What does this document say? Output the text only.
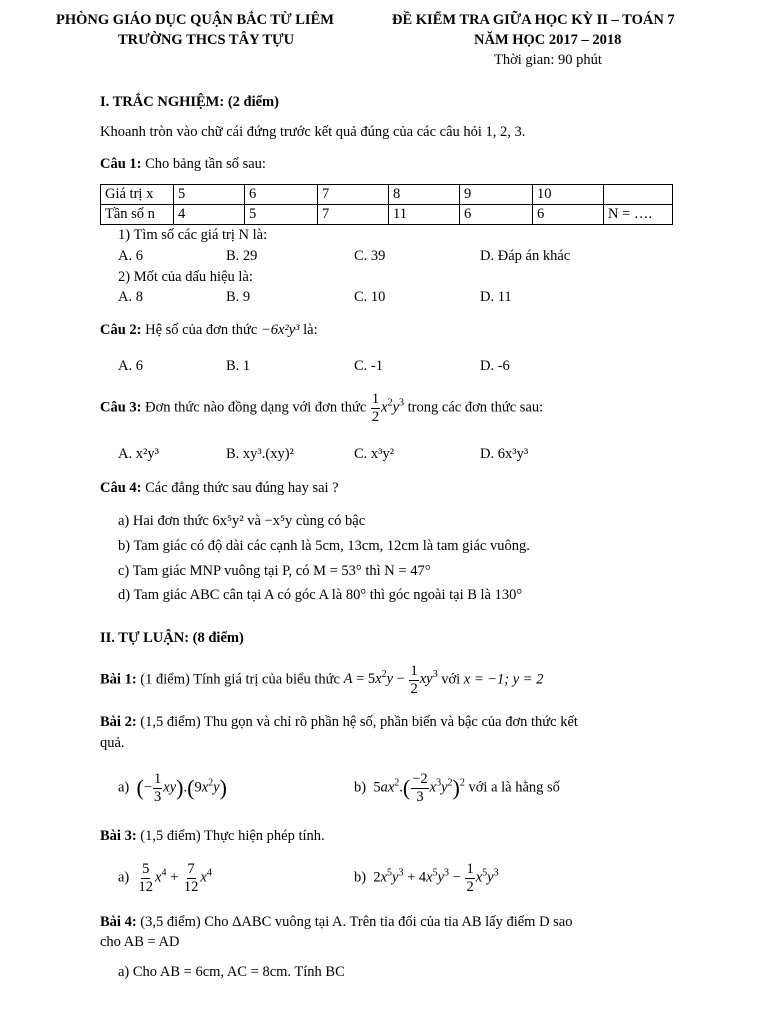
PHÒNG GIÁO DỤC QUẬN BẮC TỪ LIÊM
TRƯỜNG THCS TÂY TỰU
ĐỀ KIỂM TRA GIỮA HỌC KỲ II – TOÁN 7
NĂM HỌC 2017 – 2018
Thời gian: 90 phút
I. TRẮC NGHIỆM: (2 điểm)
Khoanh tròn vào chữ cái đứng trước kết quả đúng của các câu hỏi 1, 2, 3.
Câu 1: Cho bảng tần số sau:
Giá trị x	5	6	7	8	9	10	
Tần số n	4	5	7	11	6	6	N = ….
1) Tìm số các giá trị N là:
A. 6	B. 29	C. 39	D. Đáp án khác
2) Mốt của dấu hiệu là:
A. 8	B. 9	C. 10	D. 11
Câu 2: Hệ số của đơn thức −6x²y³ là:
A. 6	B. 1	C. -1	D. -6
Câu 3: Đơn thức nào đồng dạng với đơn thức $\frac{1}{2} x^2y^3$ trong các đơn thức sau:
A. x²y³	B. xy³.(xy)²	C. x³y²	D. 6x³y³
Câu 4: Các đẳng thức sau đúng hay sai ?
a) Hai đơn thức 6x⁵y² và −x⁵y cùng có bậc
b) Tam giác có độ dài các cạnh là 5cm, 13cm, 12cm là tam giác vuông.
c) Tam giác MNP vuông tại P, có M = 53° thì N = 47°
d) Tam giác ABC cân tại A có góc A là 80° thì góc ngoài tại B là 130°
II. TỰ LUẬN: (8 điểm)
Bài 1: (1 điểm) Tính giá trị của biểu thức $A = 5x^2y - \frac{1}{2} xy^3$ với x = −1; y = 2
Bài 2: (1,5 điểm) Thu gọn và chỉ rõ phần hệ số, phần biến và bậc của đơn thức kết
quả.
a)  (− $\frac{1}{3} xy).(9x^2y)$	b)  $5ax^2.( \frac{-2}{3} x^3y^2)^2$ với a là hằng số
Bài 3: (1,5 điểm) Thực hiện phép tính.
$a) \frac{5}{12} x^4 + \frac{7}{12} x^4$	b)  $2x^5y^3 + 4x^5y^3 - \frac{1}{2} x^5y^3$
Bài 4: (3,5 điểm) Cho ΔABC vuông tại A. Trên tia đối của tia AB lấy điểm D sao
cho AB = AD
a) Cho AB = 6cm, AC = 8cm. Tính BC
